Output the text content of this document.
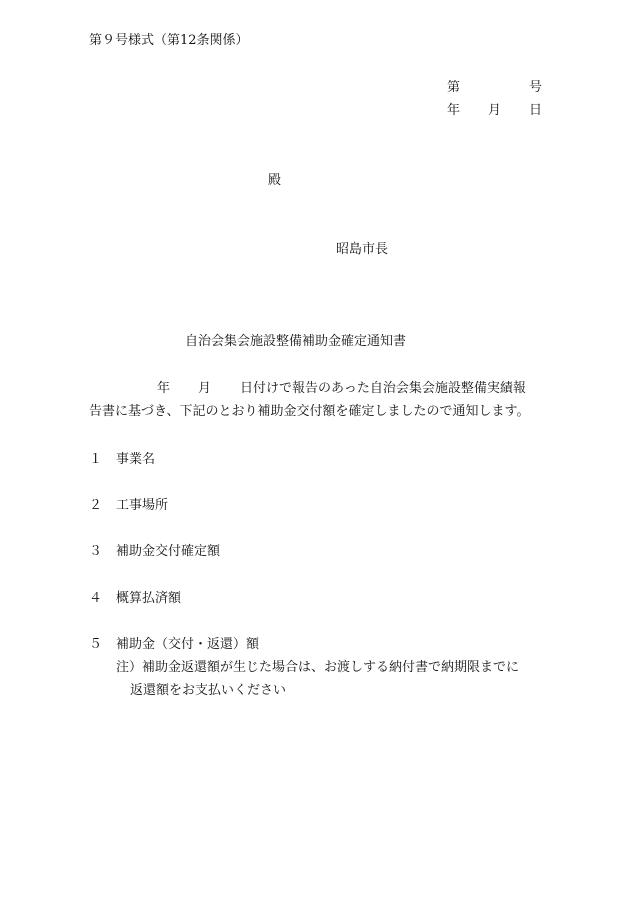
第９号様式（第12条関係）
第	号
年 月 日
殿
昭島市長
自治会集会施設整備補助金確定通知書
年 月 日付けで報告のあった自治会集会施設整備実績報
告書に基づき、下記のとおり補助金交付額を確定しましたので通知します。
１ 事業名
２ 工事場所
３ 補助金交付確定額
４ 概算払済額
５ 補助金（交付・返還）額
注）補助金返還額が生じた場合は、お渡しする納付書で納期限までに
返還額をお支払いください
